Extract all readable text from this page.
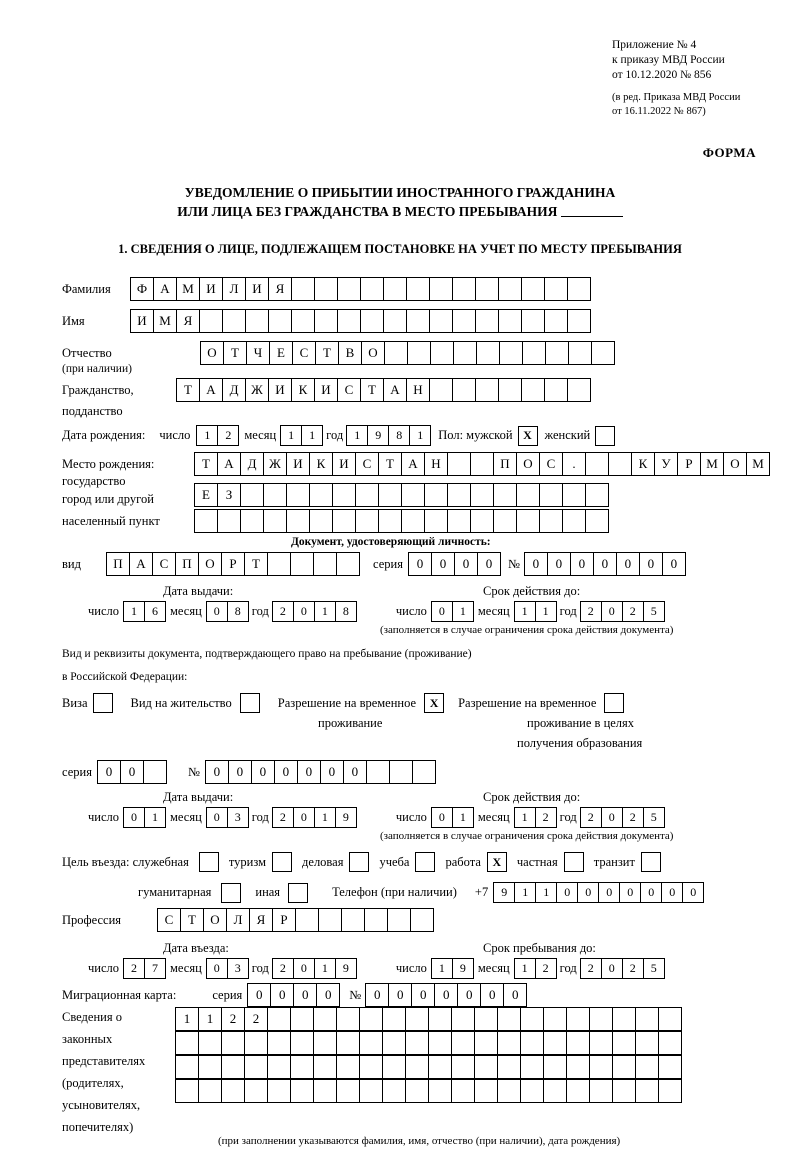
Приложение № 4
к приказу МВД России
от 10.12.2020 № 856
(в ред. Приказа МВД России
от 16.11.2022 № 867)
ФОРМА
УВЕДОМЛЕНИЕ О ПРИБЫТИИ ИНОСТРАННОГО ГРАЖДАНИНА
ИЛИ ЛИЦА БЕЗ ГРАЖДАНСТВА В МЕСТО ПРЕБЫВАНИЯ
1. СВЕДЕНИЯ О ЛИЦЕ, ПОДЛЕЖАЩЕМ ПОСТАНОВКЕ НА УЧЕТ ПО МЕСТУ ПРЕБЫВАНИЯ
Фамилия	Ф	А М И	Л	И	Я
Имя	И М Я
Отчество	О	Т	Ч	Е	С	Т	В	О
(при наличии)
Гражданство,	Т	А	Д Ж И	К	И	С	Т	А	Н
подданство
Дата рождения: число	1	2	месяц	1	1 год 1	9	8	1	Пол: мужской X	женский
Место рождения:	Т	А	Д Ж И	К	И	С	Т	А	Н	П	О	С	.	К	У	Р	М О М
государство
Е	З
город или другой
населенный пункт
Документ, удостоверяющий личность:
вид	П	А	С	П	О	Р	Т	серия	0	0	0	0	№ 0	0	0	0	0	0	0
Дата выдачи:	Срок действия до:
число	1	6 месяц	0	8 год 2	0	1	8	число	0	1 месяц	1	1 год 2	0	2	5
(заполняется в случае ограничения срока действия документа)
Вид и реквизиты документа, подтверждающего право на пребывание (проживание)
в Российской Федерации:
Виза	Вид на жительство	Разрешение на временное	X	Разрешение на временное
проживание	проживание в целях
получения образования
серия	0	0	№	0	0	0	0	0	0	0
Дата выдачи:	Срок действия до:
число	0	1 месяц	0	3 год 2	0	1	9	число	0	1 месяц	1	2 год 2	0	2	5
(заполняется в случае ограничения срока действия документа)
Цель въезда: служебная	туризм	деловая	учеба	работа X	частная	транзит
гуманитарная	иная	Телефон (при наличии) +7	9	1	1	0	0	0	0	0	0	0
Профессия	С	Т	О	Л	Я	Р
Дата въезда:	Срок пребывания до:
число	2	7 месяц	0	3 год 2	0	1	9	число	1	9 месяц	1	2 год 2	0	2	5
Миграционная карта:	серия	0	0	0	0	№ 0	0	0	0	0	0	0
Сведения о
законных
представителях
(родителях,
усыновителях,
попечителях)
1	1	2	2
(при заполнении указываются фамилия, имя, отчество (при наличии), дата рождения)
